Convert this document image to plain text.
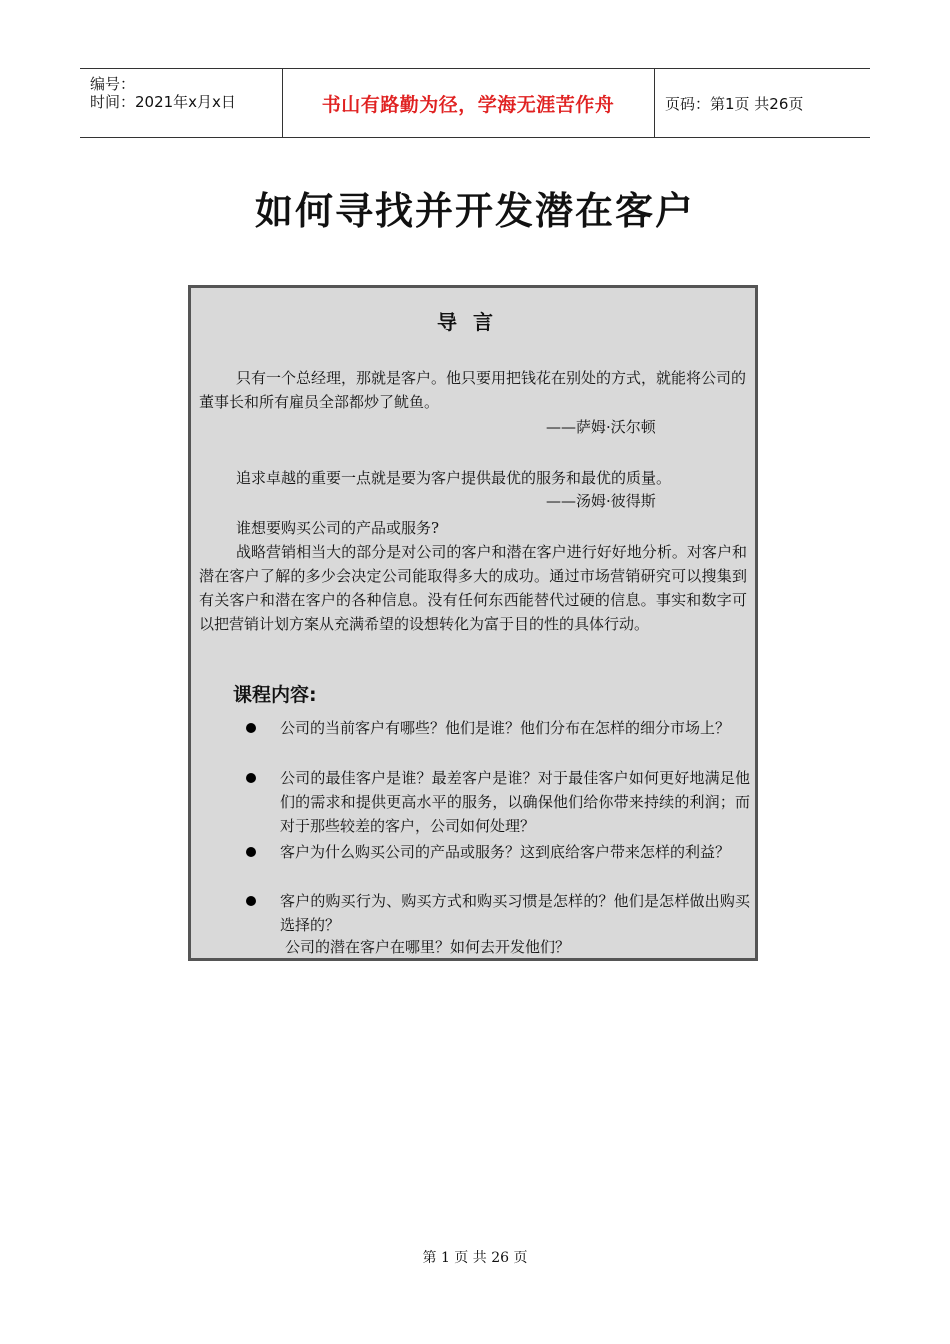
编号：
时间：2021年x月x日	书山有路勤为径，学海无涯苦作舟	页码：第1页 共26页
如何寻找并开发潜在客户
导言

只有一个总经理，那就是客户。他只要用把钱花在别处的方式，就能将公司的董事长和所有雇员全部都炒了鱿鱼。

——萨姆·沃尔顿

追求卓越的重要一点就是要为客户提供最优的服务和最优的质量。

——汤姆·彼得斯

谁想要购买公司的产品或服务?

战略营销相当大的部分是对公司的客户和潜在客户进行好好地分析。对客户和潜在客户了解的多少会决定公司能取得多大的成功。通过市场营销研究可以搜集到有关客户和潜在客户的各种信息。没有任何东西能替代过硬的信息。事实和数字可以把营销计划方案从充满希望的设想转化为富于目的性的具体行动。

课程内容:

公司的当前客户有哪些？他们是谁？他们分布在怎样的细分市场上？

公司的最佳客户是谁？最差客户是谁？对于最佳客户如何更好地满足他们的需求和提供更高水平的服务，以确保他们给你带来持续的利润；而对于那些较差的客户，公司如何处理？

客户为什么购买公司的产品或服务？这到底给客户带来怎样的利益？

客户的购买行为、购买方式和购买习惯是怎样的？他们是怎样做出购买选择的？

公司的潜在客户在哪里？如何去开发他们？
第 1 页 共 26 页
